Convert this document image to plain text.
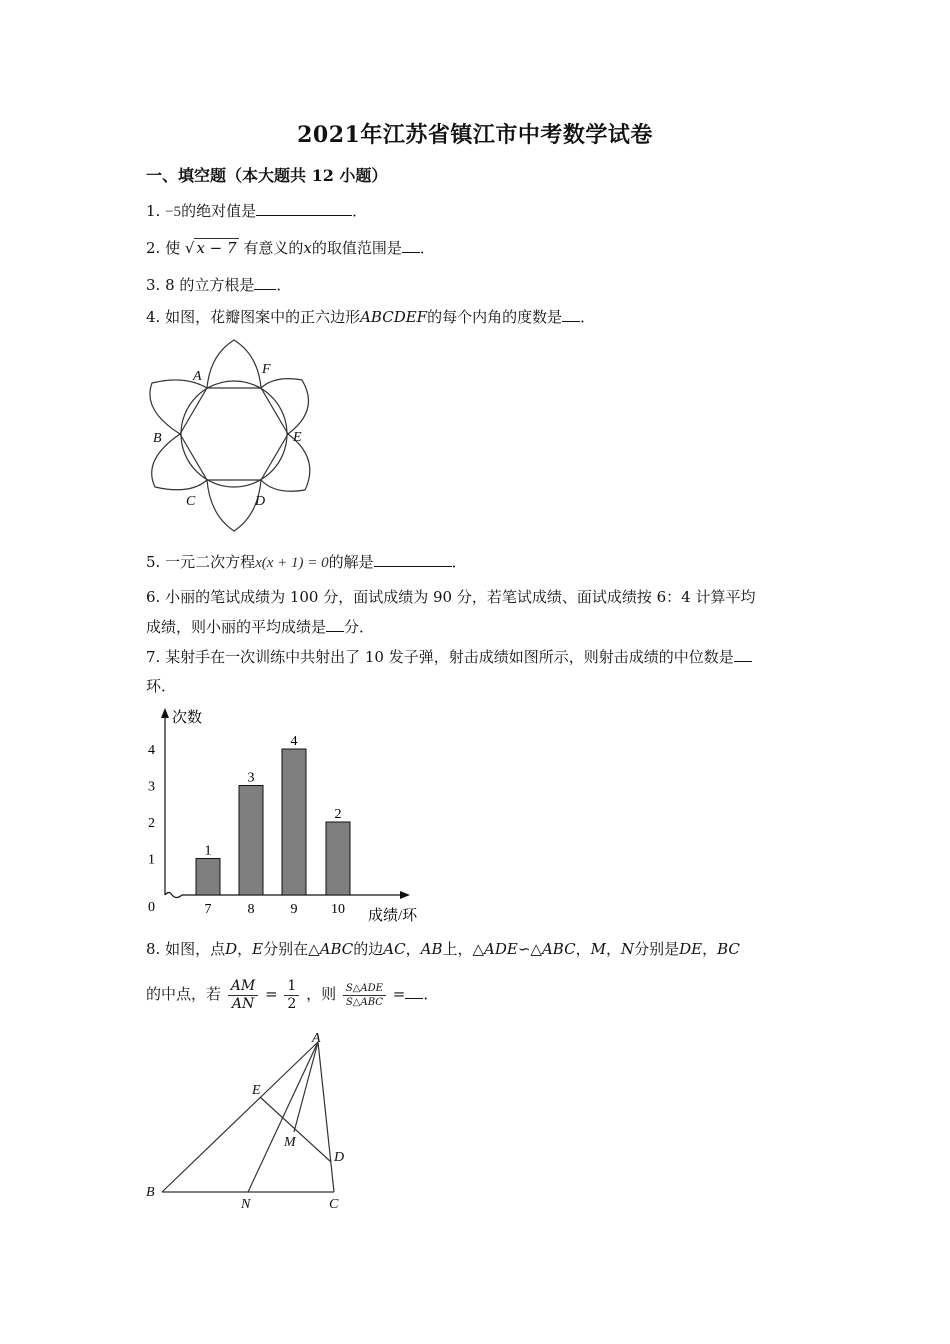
2021年江苏省镇江市中考数学试卷
一、填空题（本大题共 12 小题）
1. −5的绝对值是	．
2. 使 √ x − 7 有意义的x的取值范围是 ．
3. 8 的立方根是 ．
4. 如图，花瓣图案中的正六边形ABCDEF的每个内角的度数是 ．
A	F
B	E
C	D
5. 一元二次方程x(x + 1) = 0的解是	．
6. 小丽的笔试成绩为 100 分，面试成绩为 90 分，若笔试成绩、面试成绩按 6：4 计算平均
成绩，则小丽的平均成绩是 分．
7. 某射手在一次训练中共射出了 10 发子弹，射击成绩如图所示，则射击成绩的中位数是
环．
次数
成绩/环
0
1
2
3
4
1
7
3
8
4
9
2
10
8. 如图，点D，E分别在△ABC的边AC，AB上，△ADE∽△ABC，M，N分别是DE，BC
的中点，若 $\frac{AM}{AN} = \frac{1}{2}$ ，则 $\frac{\text{S△ADE}}{\text{S△ABC}}$ = ．
A
E
M
D
B
N	C
